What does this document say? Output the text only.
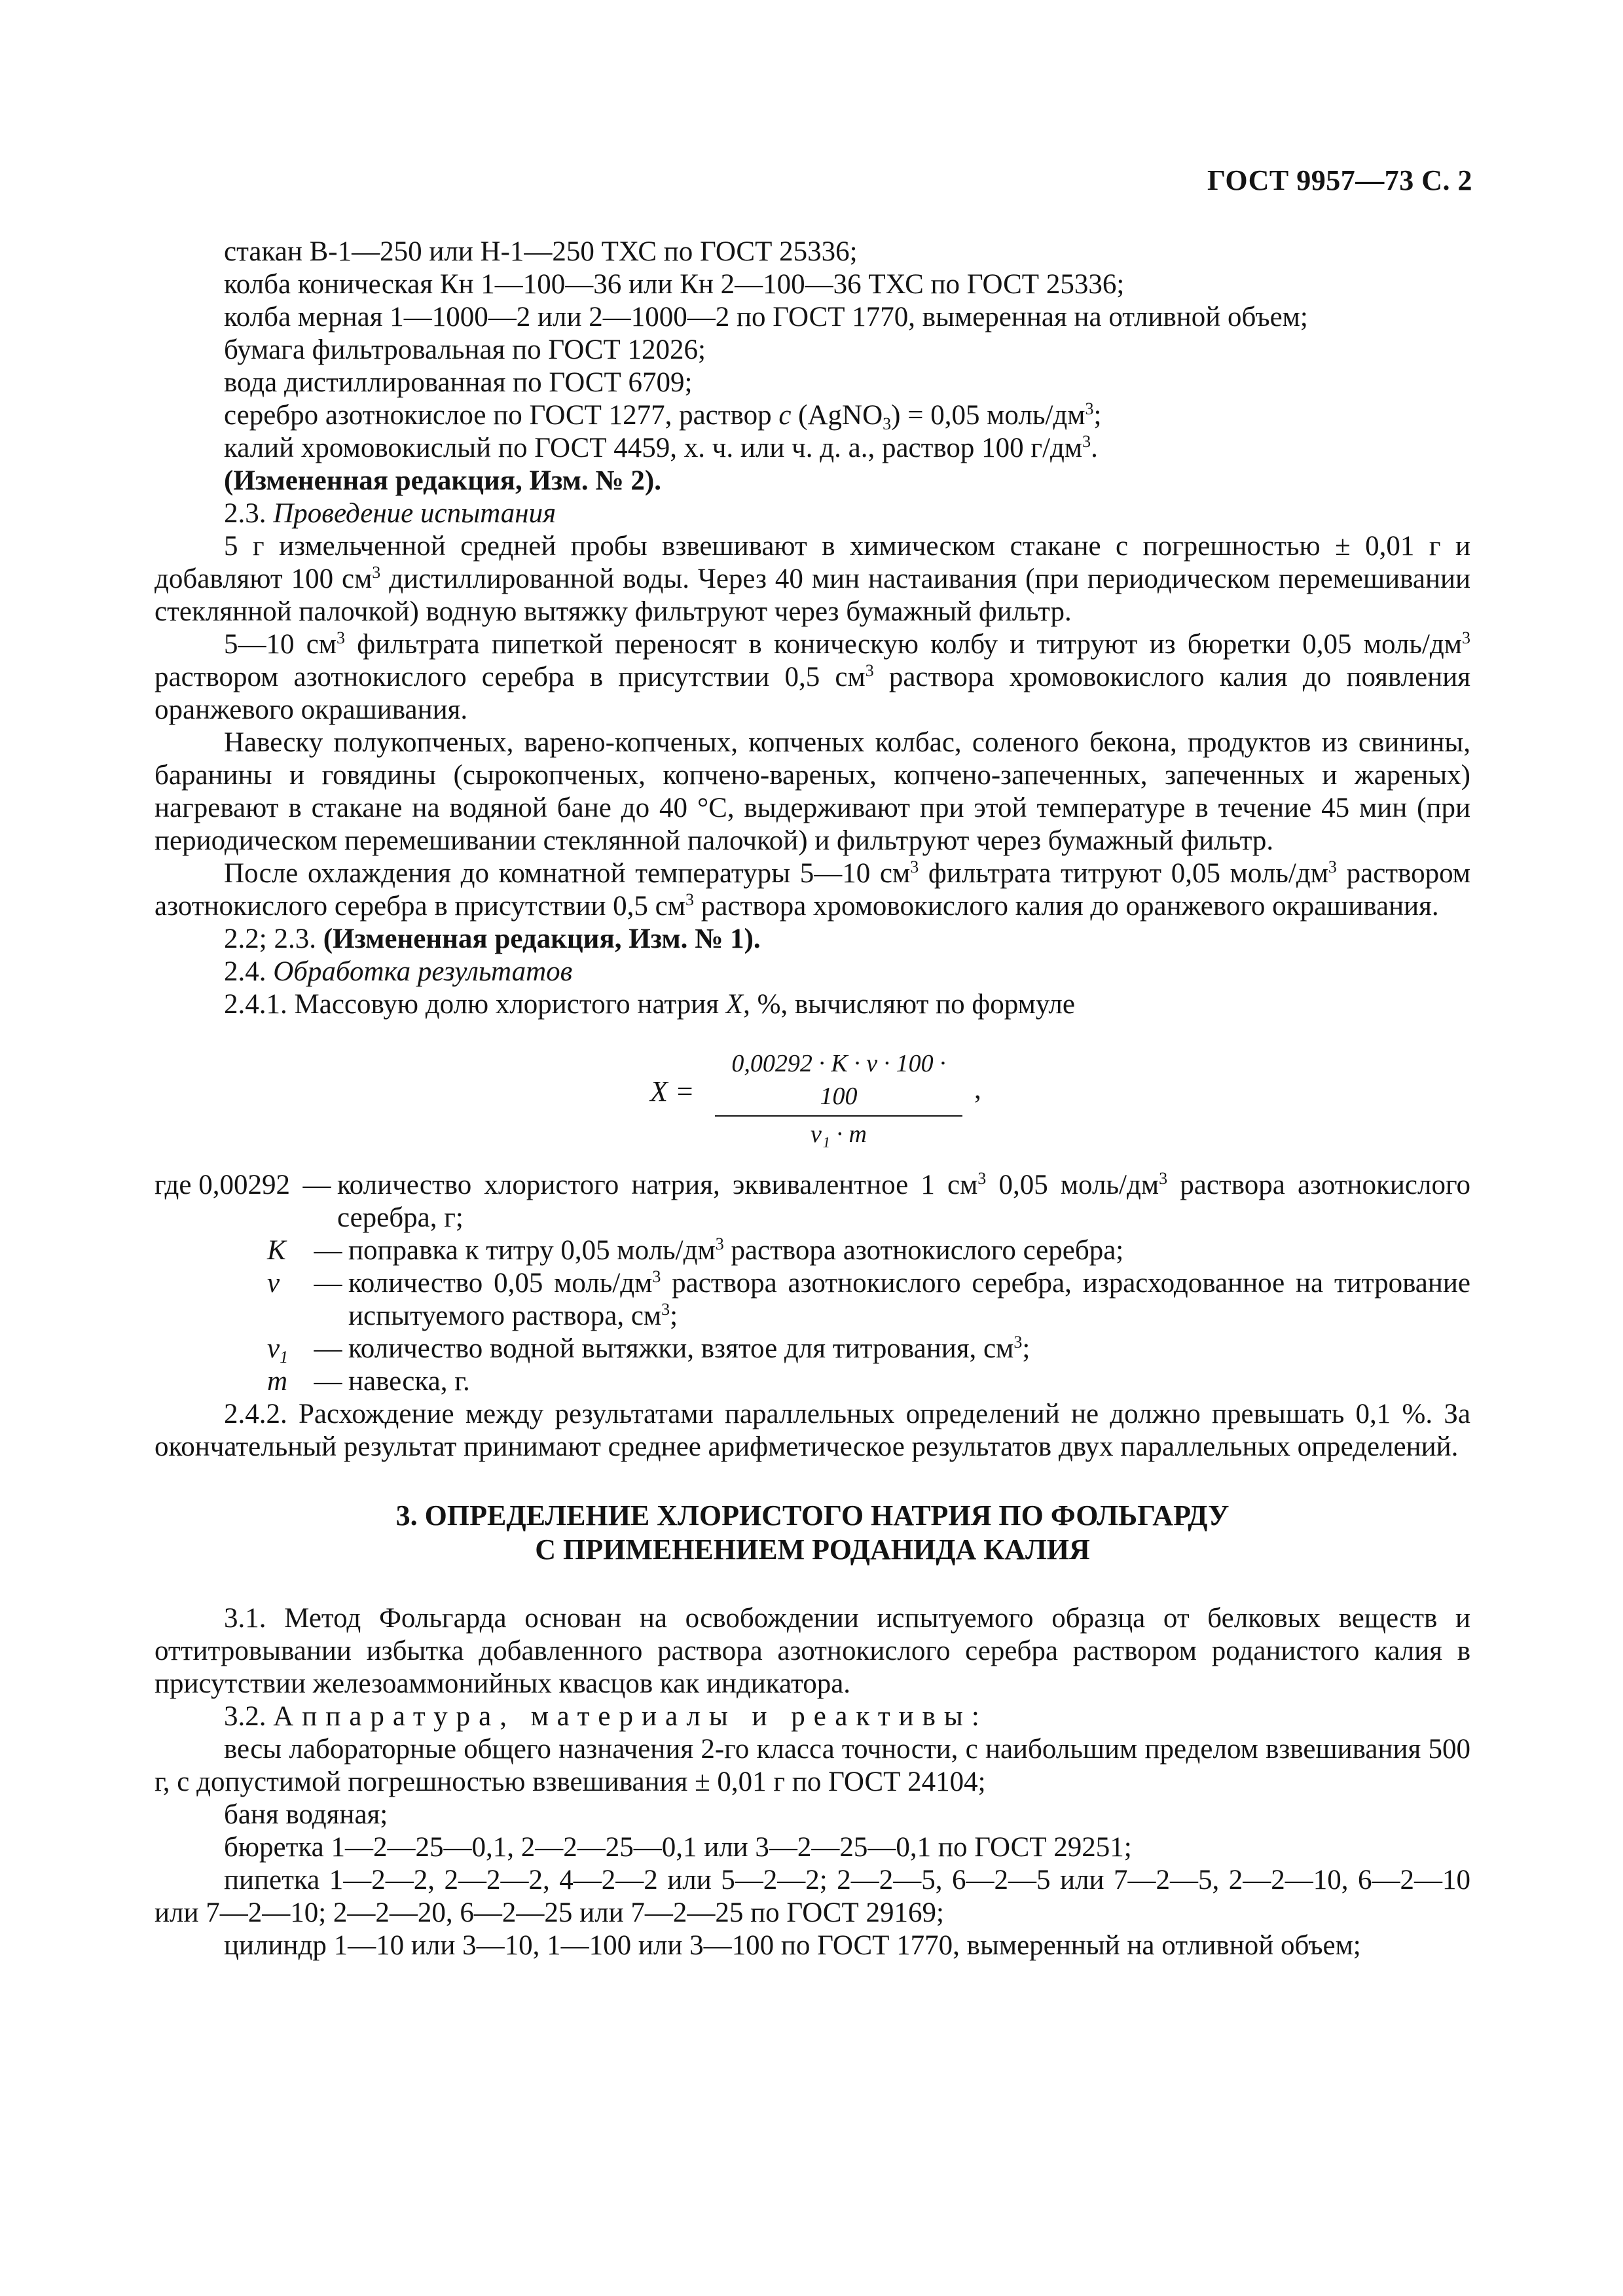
ГОСТ 9957—73 С. 2
стакан В-1—250 или Н-1—250 ТХС по ГОСТ 25336;
колба коническая Кн 1—100—36 или Кн 2—100—36 ТХС по ГОСТ 25336;
колба мерная 1—1000—2 или 2—1000—2 по ГОСТ 1770, вымеренная на отливной объем;
бумага фильтровальная по ГОСТ 12026;
вода дистиллированная по ГОСТ 6709;
серебро азотнокислое по ГОСТ 1277, раствор c (AgNO$_3$) = 0,05 моль/$дм^3$;
калий хромовокислый по ГОСТ 4459, х. ч. или ч. д. а., раствор 100 $г/дм^3$.
(Измененная редакция, Изм. № 2).
2.3. Проведение испытания

5 г измельченной средней пробы взвешивают в химическом стакане с погрешностью ± 0,01 г и добавляют 100 $см^3$ дистиллированной воды. Через 40 мин настаивания (при периодическом перемешивании стеклянной палочкой) водную вытяжку фильтруют через бумажный фильтр.

5—10 $см^3$ фильтрата пипеткой переносят в коническую колбу и титруют из бюретки 0,05 моль/$дм^3$ раствором азотнокислого серебра в присутствии 0,5 $см^3$ раствора хромовокислого калия до появления оранжевого окрашивания.

Навеску полукопченых, варено-копченых, копченых колбас, соленого бекона, продуктов из свинины, баранины и говядины (сырокопченых, копчено-вареных, копчено-запеченных, запеченных и жареных) нагревают в стакане на водяной бане до 40 °С, выдерживают при этой температуре в течение 45 мин (при периодическом перемешивании стеклянной палочкой) и фильтруют через бумажный фильтр.

После охлаждения до комнатной температуры 5—10 $см^3$ фильтрата титруют 0,05 моль/$дм^3$ раствором азотнокислого серебра в присутствии 0,5 $см^3$ раствора хромовокислого калия до оранжевого окрашивания.

2.2; 2.3. (Измененная редакция, Изм. № 1).
2.4. Обработка результатов
2.4.1. Массовую долю хлористого натрия X, %, вычисляют по формуле
X =
0,00292 · K · v · 100 · 100
v₁ · m
,
где 0,00292 — количество хлористого натрия, эквивалентное 1 $см^3$ 0,05 моль/$дм^3$ раствора азотнокислого серебра, г;
K — поправка к титру 0,05 моль/$дм^3$ раствора азотнокислого серебра;
v	— количество 0,05 моль/$дм^3$ раствора азотнокислого серебра, израсходованное на титрование испытуемого раствора, $см^3$;
$v_1$ — количество водной вытяжки, взятое для титрования, $см^3$;
m — навеска, г.

2.4.2. Расхождение между результатами параллельных определений не должно превышать 0,1 %. За окончательный результат принимают среднее арифметическое результатов двух параллельных определений.

3. ОПРЕДЕЛЕНИЕ ХЛОРИСТОГО НАТРИЯ ПО ФОЛЬГАРДУ
С ПРИМЕНЕНИЕМ РОДАНИДА КАЛИЯ

3.1. Метод Фольгарда основан на освобождении испытуемого образца от белковых веществ и оттитровывании избытка добавленного раствора азотнокислого серебра раствором роданистого калия в присутствии железоаммонийных квасцов как индикатора.

3.2. Аппаратура, материалы и реактивы:

весы лабораторные общего назначения 2-го класса точности, с наибольшим пределом взвешивания 500 г, с допустимой погрешностью взвешивания ± 0,01 г по ГОСТ 24104;

баня водяная;
бюретка 1—2—25—0,1, 2—2—25—0,1 или 3—2—25—0,1 по ГОСТ 29251;

пипетка 1—2—2, 2—2—2, 4—2—2 или 5—2—2; 2—2—5, 6—2—5 или 7—2—5, 2—2—10, 6—2—10 или 7—2—10; 2—2—20, 6—2—25 или 7—2—25 по ГОСТ 29169;

цилиндр 1—10 или 3—10, 1—100 или 3—100 по ГОСТ 1770, вымеренный на отливной объем;
